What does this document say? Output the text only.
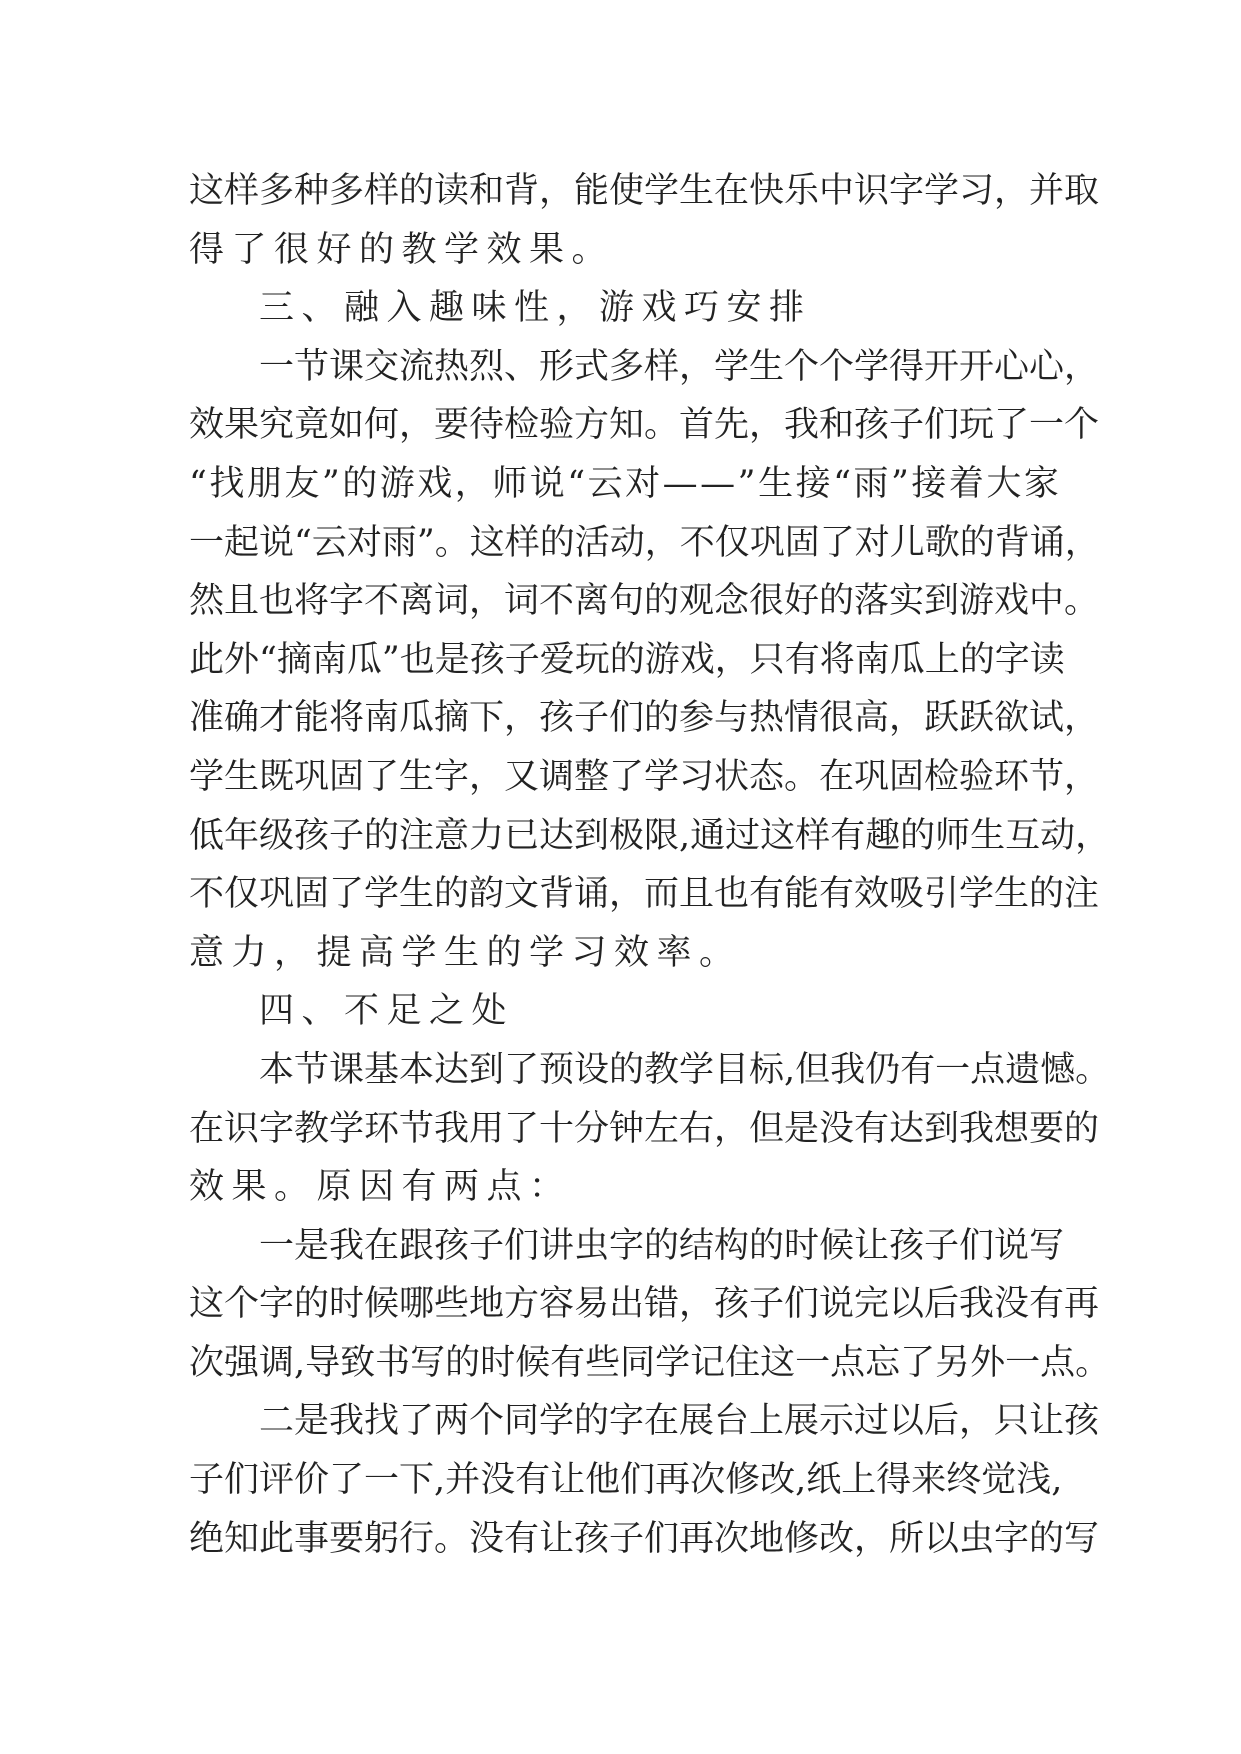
这样多种多样的读和背，能使学生在快乐中识字学习，并取
得了很好的教学效果。
三、融入趣味性，游戏巧安排
一节课交流热烈、形式多样，学生个个学得开开心心，
效果究竟如何，要待检验方知。首先，我和孩子们玩了一个
“找朋友”的游戏，师说“云对——”生接“雨”接着大家
一起说“云对雨”。这样的活动，不仅巩固了对儿歌的背诵，
然且也将字不离词，词不离句的观念很好的落实到游戏中。
此外“摘南瓜”也是孩子爱玩的游戏，只有将南瓜上的字读
准确才能将南瓜摘下，孩子们的参与热情很高，跃跃欲试，
学生既巩固了生字，又调整了学习状态。在巩固检验环节，
低年级孩子的注意力已达到极限,通过这样有趣的师生互动，
不仅巩固了学生的韵文背诵，而且也有能有效吸引学生的注
意力，提高学生的学习效率。
四、不足之处
本节课基本达到了预设的教学目标,但我仍有一点遗憾。
在识字教学环节我用了十分钟左右，但是没有达到我想要的
效果。原因有两点：
一是我在跟孩子们讲虫字的结构的时候让孩子们说写
这个字的时候哪些地方容易出错，孩子们说完以后我没有再
次强调,导致书写的时候有些同学记住这一点忘了另外一点。
二是我找了两个同学的字在展台上展示过以后，只让孩
子们评价了一下,并没有让他们再次修改,纸上得来终觉浅,
绝知此事要躬行。没有让孩子们再次地修改，所以虫字的写
